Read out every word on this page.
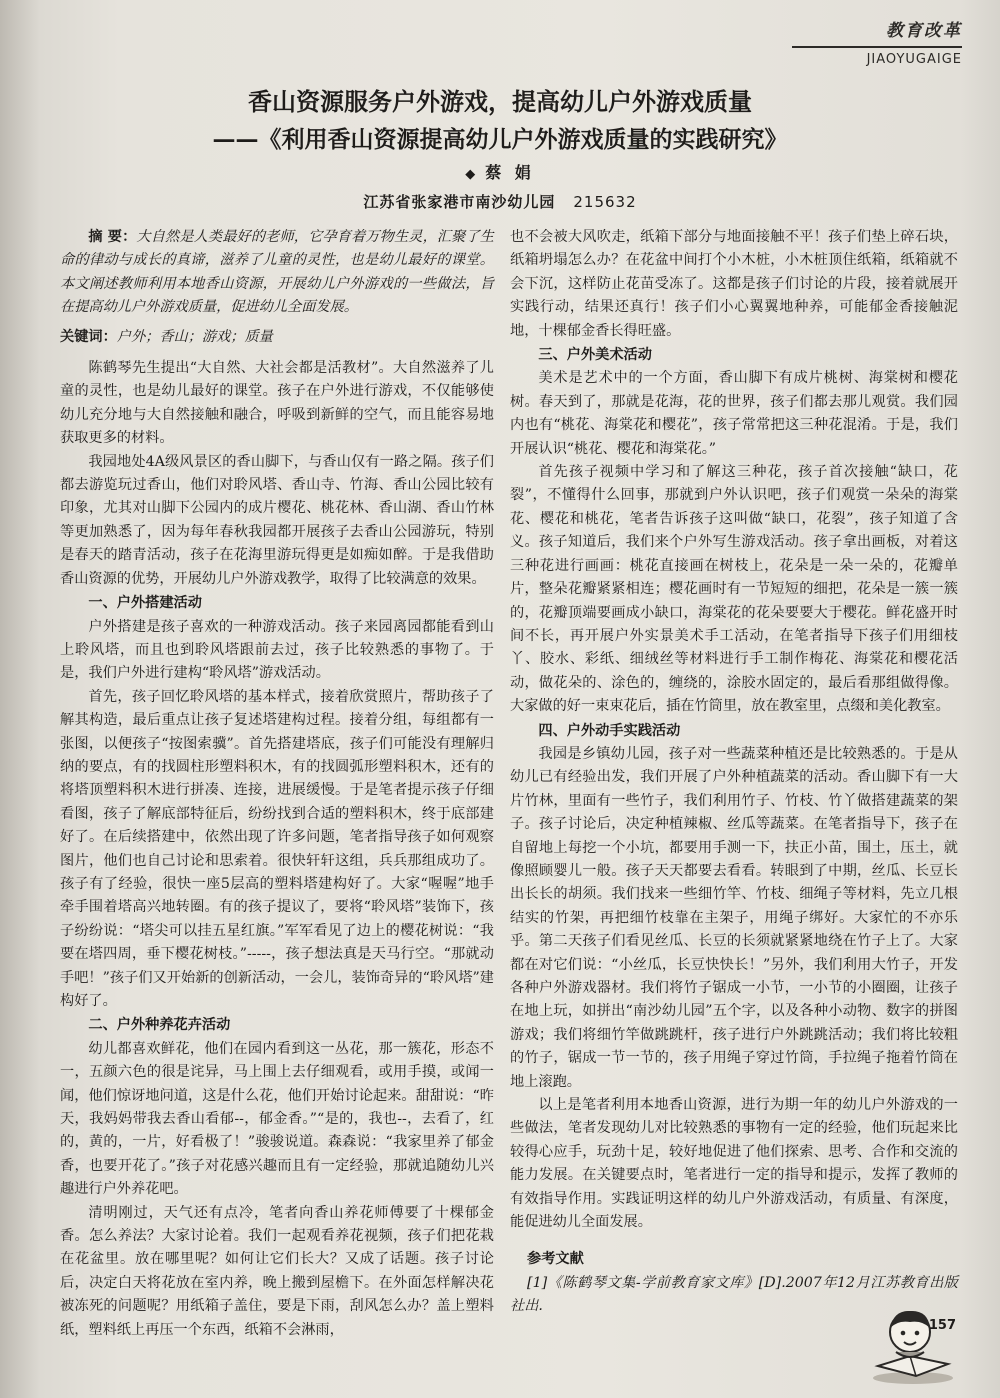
教育改革
JIAOYUGAIGE
香山资源服务户外游戏，提高幼儿户外游戏质量
——《利用香山资源提高幼儿户外游戏质量的实践研究》
◆ 蔡 娟
江苏省张家港市南沙幼儿园 215632

摘 要：大自然是人类最好的老师，它孕育着万物生灵，汇聚了生命的律动与成长的真谛，滋养了儿童的灵性，也是幼儿最好的课堂。本文阐述教师利用本地香山资源，开展幼儿户外游戏的一些做法，旨在提高幼儿户外游戏质量，促进幼儿全面发展。

关键词：户外；香山；游戏；质量

陈鹤琴先生提出“大自然、大社会都是活教材”。大自然滋养了儿童的灵性，也是幼儿最好的课堂。孩子在户外进行游戏，不仅能够使幼儿充分地与大自然接触和融合，呼吸到新鲜的空气，而且能容易地获取更多的材料。

我园地处4A级风景区的香山脚下，与香山仅有一路之隔。孩子们都去游览玩过香山，他们对聆风塔、香山寺、竹海、香山公园比较有印象，尤其对山脚下公园内的成片樱花、桃花林、香山湖、香山竹林等更加熟悉了，因为每年春秋我园都开展孩子去香山公园游玩，特别是春天的踏青活动，孩子在花海里游玩得更是如痴如醉。于是我借助香山资源的优势，开展幼儿户外游戏教学，取得了比较满意的效果。

一、户外搭建活动

户外搭建是孩子喜欢的一种游戏活动。孩子来园离园都能看到山上聆风塔，而且也到聆风塔跟前去过，孩子比较熟悉的事物了。于是，我们户外进行建构“聆风塔”游戏活动。

首先，孩子回忆聆风塔的基本样式，接着欣赏照片，帮助孩子了解其构造，最后重点让孩子复述塔建构过程。接着分组，每组都有一张图，以便孩子“按图索骥”。首先搭建塔底，孩子们可能没有理解归纳的要点，有的找圆柱形塑料积木，有的找圆弧形塑料积木，还有的将塔顶塑料积木进行拼凑、连接，进展缓慢。于是笔者提示孩子仔细看图，孩子了解底部特征后，纷纷找到合适的塑料积木，终于底部建好了。在后续搭建中，依然出现了许多问题，笔者指导孩子如何观察图片，他们也自己讨论和思索着。很快轩轩这组，兵兵那组成功了。孩子有了经验，很快一座5层高的塑料塔建构好了。大家“喔喔”地手牵手围着塔高兴地转圈。有的孩子提议了，要将“聆风塔”装饰下，孩子纷纷说：“塔尖可以挂五星红旗。”军军看见了边上的樱花树说：“我要在塔四周，垂下樱花树枝。”-----，孩子想法真是天马行空。“那就动手吧！”孩子们又开始新的创新活动，一会儿，装饰奇异的“聆风塔”建构好了。

二、户外种养花卉活动

幼儿都喜欢鲜花，他们在园内看到这一丛花，那一簇花，形态不一，五颜六色的很是诧异，马上围上去仔细观看，或用手摸，或闻一闻，他们惊讶地问道，这是什么花，他们开始讨论起来。甜甜说：“昨天，我妈妈带我去香山看郁--，郁金香。”“是的，我也--，去看了，红的，黄的，一片，好看极了！”骏骏说道。森森说：“我家里养了郁金香，也要开花了。”孩子对花感兴趣而且有一定经验，那就追随幼儿兴趣进行户外养花吧。

清明刚过，天气还有点冷，笔者向香山养花师傅要了十棵郁金香。怎么养法？大家讨论着。我们一起观看养花视频，孩子们把花栽在花盆里。放在哪里呢？如何让它们长大？又成了话题。孩子讨论后，决定白天将花放在室内养，晚上搬到屋檐下。在外面怎样解决花被冻死的问题呢？用纸箱子盖住，要是下雨，刮风怎么办？盖上塑料纸，塑料纸上再压一个东西，纸箱不会淋雨，

也不会被大风吹走，纸箱下部分与地面接触不平！孩子们垫上碎石块，纸箱坍塌怎么办？在花盆中间打个小木桩，小木桩顶住纸箱，纸箱就不会下沉，这样防止花苗受冻了。这都是孩子们讨论的片段，接着就展开实践行动，结果还真行！孩子们小心翼翼地种养，可能郁金香接触泥地，十棵郁金香长得旺盛。

三、户外美术活动

美术是艺术中的一个方面，香山脚下有成片桃树、海棠树和樱花树。春天到了，那就是花海，花的世界，孩子们都去那儿观赏。我们园内也有“桃花、海棠花和樱花”，孩子常常把这三种花混淆。于是，我们开展认识“桃花、樱花和海棠花。”

首先孩子视频中学习和了解这三种花，孩子首次接触“缺口，花裂”，不懂得什么回事，那就到户外认识吧，孩子们观赏一朵朵的海棠花、樱花和桃花，笔者告诉孩子这叫做“缺口，花裂”，孩子知道了含义。孩子知道后，我们来个户外写生游戏活动。孩子拿出画板，对着这三种花进行画画：桃花直接画在树枝上，花朵是一朵一朵的，花瓣单片，整朵花瓣紧紧相连；樱花画时有一节短短的细把，花朵是一簇一簇的，花瓣顶端要画成小缺口，海棠花的花朵要要大于樱花。鲜花盛开时间不长，再开展户外实景美术手工活动，在笔者指导下孩子们用细枝丫、胶水、彩纸、细绒丝等材料进行手工制作梅花、海棠花和樱花活动，做花朵的、涂色的，缠绕的，涂胶水固定的，最后看那组做得像。大家做的好一束束花后，插在竹筒里，放在教室里，点缀和美化教室。

四、户外动手实践活动

我园是乡镇幼儿园，孩子对一些蔬菜种植还是比较熟悉的。于是从幼儿已有经验出发，我们开展了户外种植蔬菜的活动。香山脚下有一大片竹林，里面有一些竹子，我们利用竹子、竹枝、竹丫做搭建蔬菜的架子。孩子讨论后，决定种植辣椒、丝瓜等蔬菜。在笔者指导下，孩子在自留地上每挖一个小坑，都要用手测一下，扶正小苗，围土，压土，就像照顾婴儿一般。孩子天天都要去看看。转眼到了中期，丝瓜、长豆长出长长的胡须。我们找来一些细竹竿、竹枝、细绳子等材料，先立几根结实的竹架，再把细竹枝靠在主架子，用绳子绑好。大家忙的不亦乐乎。第二天孩子们看见丝瓜、长豆的长须就紧紧地绕在竹子上了。大家都在对它们说：“小丝瓜，长豆快快长！”另外，我们利用大竹子，开发各种户外游戏器材。我们将竹子锯成一小节，一小节的小圈圈，让孩子在地上玩，如拼出“南沙幼儿园”五个字，以及各种小动物、数字的拼图游戏；我们将细竹竿做跳跳杆，孩子进行户外跳跳活动；我们将比较粗的竹子，锯成一节一节的，孩子用绳子穿过竹筒，手拉绳子拖着竹筒在地上滚跑。

以上是笔者利用本地香山资源，进行为期一年的幼儿户外游戏的一些做法，笔者发现幼儿对比较熟悉的事物有一定的经验，他们玩起来比较得心应手，玩劲十足，较好地促进了他们探索、思考、合作和交流的能力发展。在关键要点时，笔者进行一定的指导和提示，发挥了教师的有效指导作用。实践证明这样的幼儿户外游戏活动，有质量、有深度，能促进幼儿全面发展。

参考文献

[1]《陈鹤琴文集-学前教育家文库》[D].2007年12月江苏教育出版社出.

157
